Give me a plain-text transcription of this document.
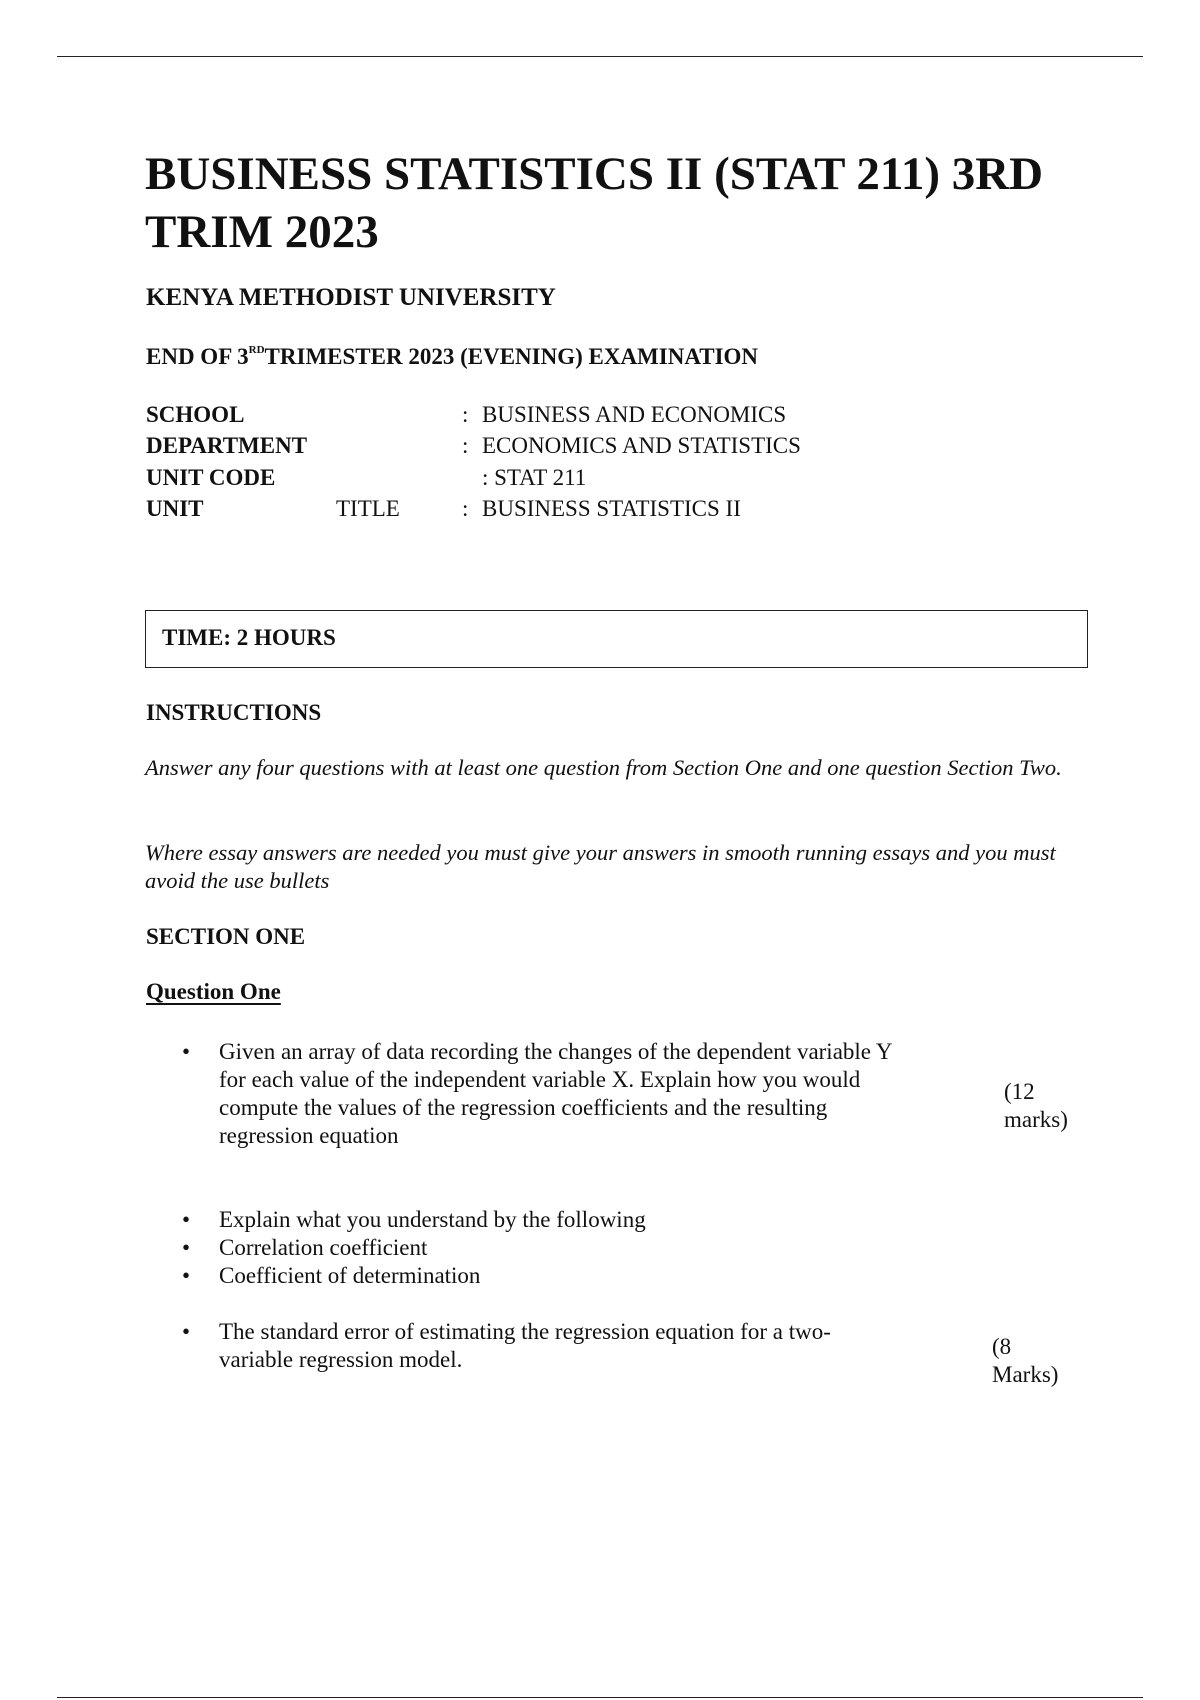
BUSINESS STATISTICS II (STAT 211) 3RD
TRIM 2023

KENYA METHODIST UNIVERSITY

END OF 3RDTRIMESTER 2023 (EVENING) EXAMINATION

SCHOOL	: BUSINESS AND ECONOMICS
DEPARTMENT	: ECONOMICS AND STATISTICS
UNIT CODE	: STAT 211
UNIT	TITLE	: BUSINESS STATISTICS II
TIME: 2 HOURS

INSTRUCTIONS

Answer any four questions with at least one question from Section One and one question Section Two.

Where essay answers are needed you must give your answers in smooth running essays and you must avoid the use bullets

SECTION ONE

Question One

• Given an array of data recording the changes of the dependent variable Y for each value of the independent variable X. Explain how you would compute the values of the regression coefficients and the resulting regression equation

(12 marks)

• Explain what you understand by the following

• Correlation coefficient

• Coefficient of determination

• The standard error of estimating the regression equation for a two-variable regression model.

(8 Marks)
